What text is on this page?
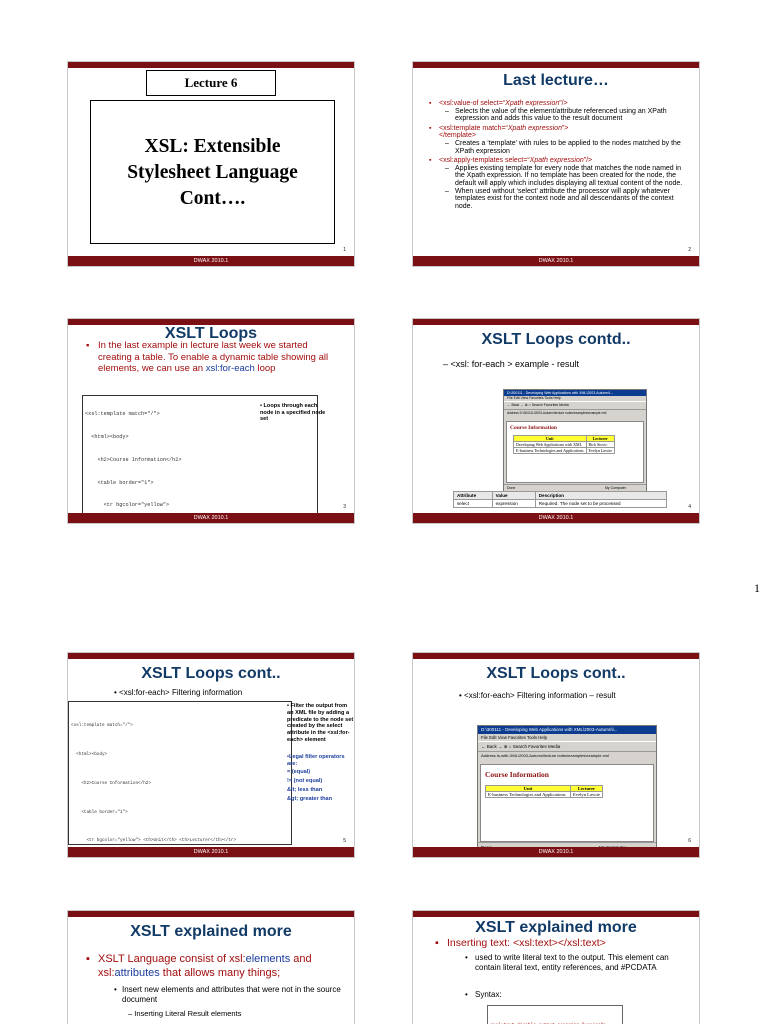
Lecture 6
XSL: Extensible
Stylesheet Language
Cont….
1
DWAX 2010.1
Last lecture…
▪ <xsl:value-of select=“Xpath expression”/>
– Selects the value of the element/attribute referenced using an XPath expression and adds this value to the result document
▪ <xsl:template match=“Xpath expression”>
</template>
– Creates a ‘template’ with rules to be applied to the nodes matched by the XPath expression
▪ <xsl:apply-templates select=“Xpath expression”/>
– Applies existing template for every node that matches the node named in the Xpath expression. If no template has been created for the node, the default will apply which includes displaying all textual content of the node.
– When used without ‘select’ attribute the processor will apply whatever templates exist for the context node and all descendants of the context node.
2
DWAX 2010.1
XSLT Loops
▪ In the last example in lecture last week we started creating a table. To enable a dynamic table showing all elements, we can use an xsl:for-each loop

<xsl:template match="/">

<html><body>

<h2>Course Information</h2>

<table border="1">

<tr bgcolor="yellow">

• Loops through each node in a specified node set
3
DWAX 2010.1
XSLT Loops contd..
– <xsl: for-each > example - result
D:\300111 - Developing Web Applications with XML\2003-Autumn\l...
File Edit View Favorites Tools Help
← Back → ⊗ ⌂ Search Favorites Media
Address D:\300111\2003-Autumn\lecture notes\examples\example.xml
Course Information
Unit	Lecturer
Developing Web Applications with XML	Rick Stovic
E-business Technologies and Applications	Evelyn Lavoie
Done	My Computer
Attribute	Value	Description
select	expression	Required. The node set to be processed
4
DWAX 2010.1
1
XSLT Loops cont..
• <xsl:for-each> Filtering information

<xsl:template match="/">

<html><body>

<h2>Course Information</h2>

<table border="1">

<tr bgcolor="yellow"> <th>Unit</th> <th>Lecturer</th></tr>

• Filter the output from an XML file by adding a predicate to the node set created by the select attribute in the <xsl:for-each> element
•Legal filter operators are:
= (equal)
!= (not equal)
&lt; less than
&gt; greater than
5
DWAX 2010.1
XSLT Loops cont..
• <xsl:for-each> Filtering information – result
D:\300111 - Developing Web Applications with XML\2003-Autumn\l...
File Edit View Favorites Tools Help
← Back → ⊗ ⌂ Search Favorites Media
Address ts-with-XML\2003-Autumn\lecture notes\examples\example.xml
Course Information
Unit	Lecturer
E-business Technologies and Applications	Evelyn Lavoie
6
DWAX 2010.1
XSLT explained more
▪ XSLT Language consist of xsl:elements and xsl:attributes that allows many things;
• Insert new elements and attributes that were not in the source document
– Inserting Literal Result elements
XSLT explained more
▪ Inserting text: <xsl:text></xsl:text>
• used to write literal text to the output. This element can contain literal text, entity references, and #PCDATA
• Syntax:
